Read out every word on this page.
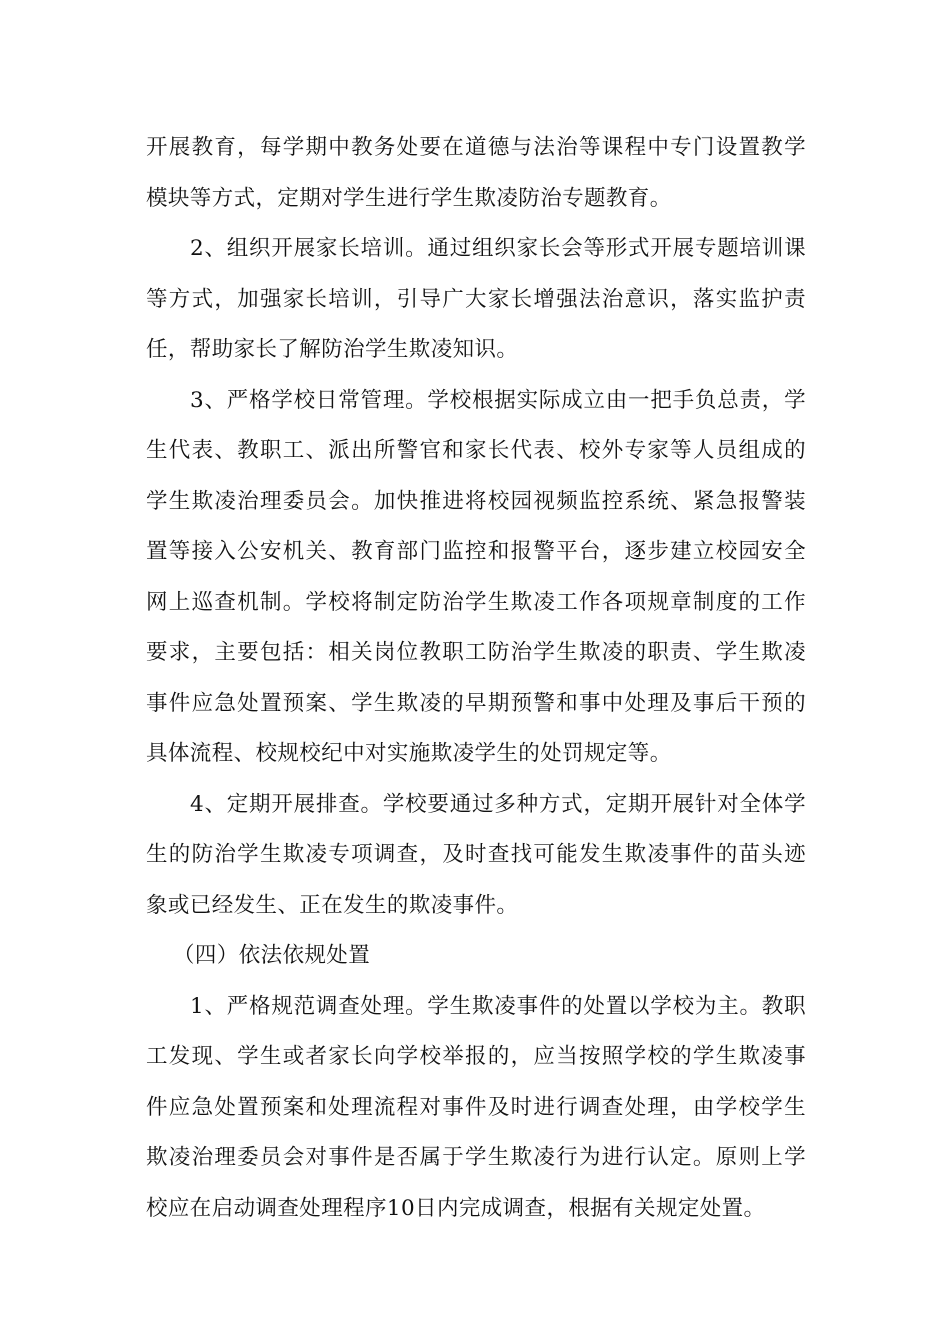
开展教育，每学期中教务处要在道德与法治等课程中专门设置教学
模块等方式，定期对学生进行学生欺凌防治专题教育。
2、组织开展家长培训。通过组织家长会等形式开展专题培训课
等方式，加强家长培训，引导广大家长增强法治意识，落实监护责
任，帮助家长了解防治学生欺凌知识。
3、严格学校日常管理。学校根据实际成立由一把手负总责，学
生代表、教职工、派出所警官和家长代表、校外专家等人员组成的
学生欺凌治理委员会。加快推进将校园视频监控系统、紧急报警装
置等接入公安机关、教育部门监控和报警平台，逐步建立校园安全
网上巡查机制。学校将制定防治学生欺凌工作各项规章制度的工作
要求，主要包括：相关岗位教职工防治学生欺凌的职责、学生欺凌
事件应急处置预案、学生欺凌的早期预警和事中处理及事后干预的
具体流程、校规校纪中对实施欺凌学生的处罚规定等。
4、定期开展排查。学校要通过多种方式，定期开展针对全体学
生的防治学生欺凌专项调查，及时查找可能发生欺凌事件的苗头迹
象或已经发生、正在发生的欺凌事件。
（四）依法依规处置
1、严格规范调查处理。学生欺凌事件的处置以学校为主。教职
工发现、学生或者家长向学校举报的，应当按照学校的学生欺凌事
件应急处置预案和处理流程对事件及时进行调查处理，由学校学生
欺凌治理委员会对事件是否属于学生欺凌行为进行认定。原则上学
校应在启动调查处理程序10日内完成调查，根据有关规定处置。
